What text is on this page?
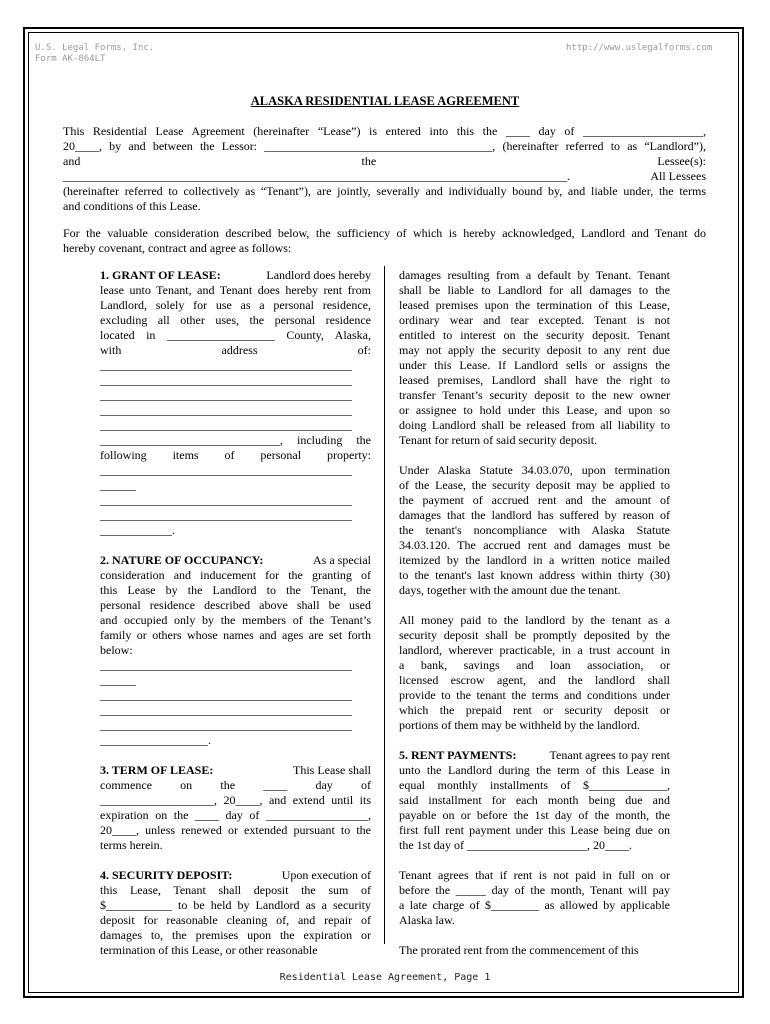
U.S. Legal Forms, Inc.
Form AK-864LT
http://www.uslegalforms.com
ALASKA RESIDENTIAL LEASE AGREEMENT
This Residential Lease Agreement (hereinafter “Lease”) is entered into this the ____ day of ____________________,
20____, by and between the Lessor: ______________________________________, (hereinafter referred to as “Landlord”),
and	the	Lessee(s):
____________________________________________________________________________________.	All Lessees
(hereinafter referred to collectively as “Tenant”), are jointly, severally and individually bound by, and liable under, the terms
and conditions of this Lease.
For the valuable consideration described below, the sufficiency of which is hereby acknowledged, Landlord and Tenant do
hereby covenant, contract and agree as follows:
1. GRANT OF LEASE:	Landlord does hereby
lease unto Tenant, and Tenant does hereby rent from
Landlord, solely for use as a personal residence,
excluding all other uses, the personal residence
located in __________________ County, Alaska,
with address of:
__________________________________________
__________________________________________
__________________________________________
__________________________________________
__________________________________________
______________________________, including the
following items of personal property:
__________________________________________
______
__________________________________________
__________________________________________
____________.
2. NATURE OF OCCUPANCY:	As a special
consideration and inducement for the granting of
this Lease by the Landlord to the Tenant, the
personal residence described above shall be used
and occupied only by the members of the Tenant’s
family or others whose names and ages are set forth
below:
__________________________________________
______
__________________________________________
__________________________________________
__________________________________________
__________________.
3. TERM OF LEASE:	This Lease shall
commence on the ____ day of
___________________, 20____, and extend until its
expiration on the ____ day of _________________,
20____, unless renewed or extended pursuant to the
terms herein.
4. SECURITY DEPOSIT:	Upon execution of
this Lease, Tenant shall deposit the sum of
$___________ to be held by Landlord as a security
deposit for reasonable cleaning of, and repair of
damages to, the premises upon the expiration or
termination of this Lease, or other reasonable
damages resulting from a default by Tenant. Tenant
shall be liable to Landlord for all damages to the
leased premises upon the termination of this Lease,
ordinary wear and tear excepted. Tenant is not
entitled to interest on the security deposit. Tenant
may not apply the security deposit to any rent due
under this Lease. If Landlord sells or assigns the
leased premises, Landlord shall have the right to
transfer Tenant’s security deposit to the new owner
or assignee to hold under this Lease, and upon so
doing Landlord shall be released from all liability to
Tenant for return of said security deposit.
Under Alaska Statute 34.03.070, upon termination
of the Lease, the security deposit may be applied to
the payment of accrued rent and the amount of
damages that the landlord has suffered by reason of
the tenant's noncompliance with Alaska Statute
34.03.120. The accrued rent and damages must be
itemized by the landlord in a written notice mailed
to the tenant's last known address within thirty (30)
days, together with the amount due the tenant.
All money paid to the landlord by the tenant as a
security deposit shall be promptly deposited by the
landlord, wherever practicable, in a trust account in
a bank, savings and loan association, or
licensed escrow agent, and the landlord shall
provide to the tenant the terms and conditions under
which the prepaid rent or security deposit or
portions of them may be withheld by the landlord.
5. RENT PAYMENTS:	Tenant agrees to pay rent
unto the Landlord during the term of this Lease in
equal monthly installments of $_____________,
said installment for each month being due and
payable on or before the 1st day of the month, the
first full rent payment under this Lease being due on
the 1st day of ____________________, 20____.
Tenant agrees that if rent is not paid in full on or
before the _____ day of the month, Tenant will pay
a late charge of $________ as allowed by applicable
Alaska law.
The prorated rent from the commencement of this
Residential Lease Agreement, Page 1
